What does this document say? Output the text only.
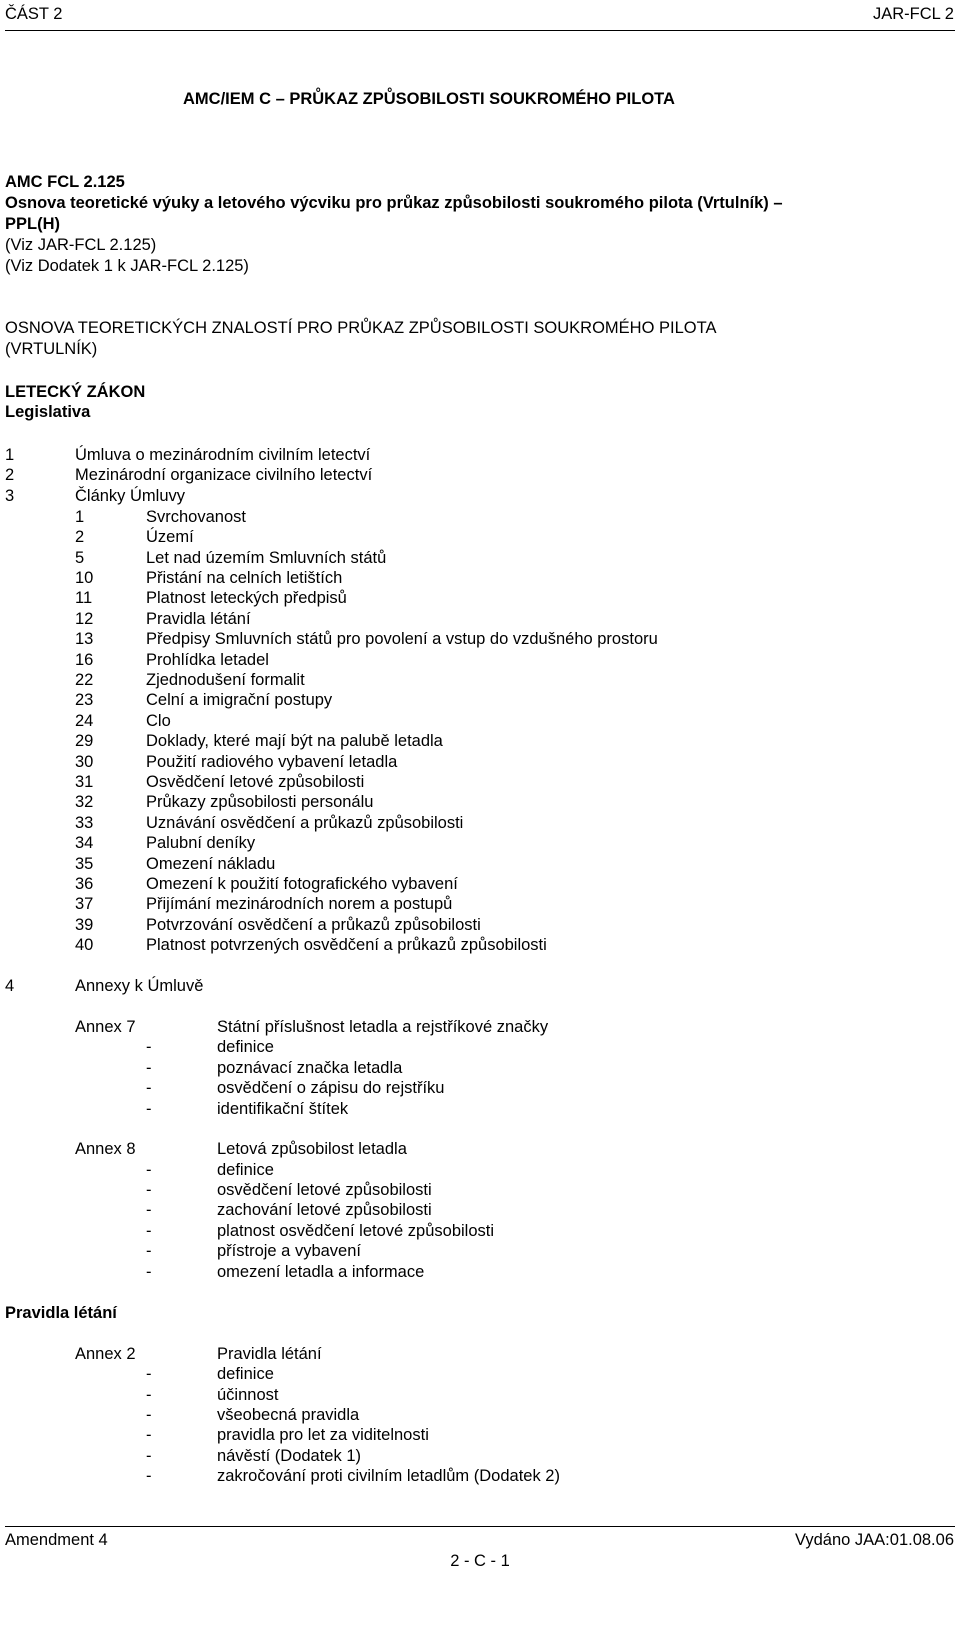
ČÁST 2	JAR-FCL 2
AMC/IEM C – PRŮKAZ ZPŮSOBILOSTI SOUKROMÉHO PILOTA
AMC FCL 2.125
Osnova teoretické výuky a letového výcviku pro průkaz způsobilosti soukromého pilota (Vrtulník) –
PPL(H)
(Viz JAR-FCL 2.125)
(Viz Dodatek 1 k JAR-FCL 2.125)
OSNOVA TEORETICKÝCH ZNALOSTÍ PRO PRŮKAZ ZPŮSOBILOSTI SOUKROMÉHO PILOTA
(VRTULNÍK)
LETECKÝ ZÁKON
Legislativa
1	Úmluva o mezinárodním civilním letectví
2	Mezinárodní organizace civilního letectví
3	Články Úmluvy
1	Svrchovanost
2	Území
5	Let nad územím Smluvních států
10	Přistání na celních letištích
11	Platnost leteckých předpisů
12	Pravidla létání
13	Předpisy Smluvních států pro povolení a vstup do vzdušného prostoru
16	Prohlídka letadel
22	Zjednodušení formalit
23	Celní a imigrační postupy
24	Clo
29	Doklady, které mají být na palubě letadla
30	Použití radiového vybavení letadla
31	Osvědčení letové způsobilosti
32	Průkazy způsobilosti personálu
33	Uznávání osvědčení a průkazů způsobilosti
34	Palubní deníky
35	Omezení nákladu
36	Omezení k použití fotografického vybavení
37	Přijímání mezinárodních norem a postupů
39	Potvrzování osvědčení a průkazů způsobilosti
40	Platnost potvrzených osvědčení a průkazů způsobilosti
4	Annexy k Úmluvě
Annex 7	Státní příslušnost letadla a rejstříkové značky
-	definice
-	poznávací značka letadla
-	osvědčení o zápisu do rejstříku
-	identifikační štítek
Annex 8	Letová způsobilost letadla
-	definice
-	osvědčení letové způsobilosti
-	zachování letové způsobilosti
-	platnost osvědčení letové způsobilosti
-	přístroje a vybavení
-	omezení letadla a informace
Pravidla létání
Annex 2	Pravidla létání
-	definice
-	účinnost
-	všeobecná pravidla
-	pravidla pro let za viditelnosti
-	návěstí (Dodatek 1)
-	zakročování proti civilním letadlům (Dodatek 2)
Amendment 4	Vydáno JAA:01.08.06
2 - C - 1
